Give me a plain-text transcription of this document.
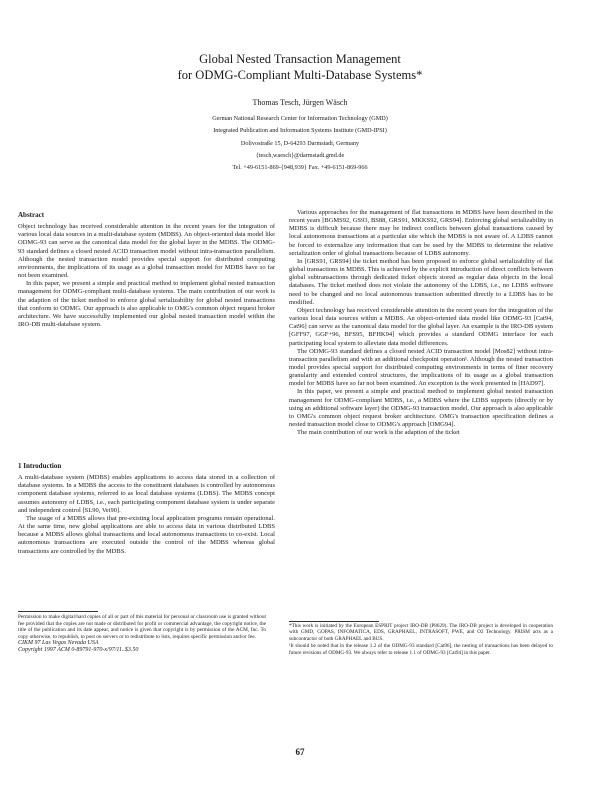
Global Nested Transaction Management
for ODMG-Compliant Multi-Database Systems*
Thomas Tesch, Jürgen Wäsch
German National Research Center for Information Technology (GMD)
Integrated Publication and Information Systems Institute (GMD-IPSI)
Dolivostraße 15, D-64293 Darmstadt, Germany
{tesch,waesch}@darmstadt.gmd.de
Tel. +49-6151-869-{948,939} Fax. +49-6151-869-966
Abstract

Object technology has received considerable attention in the recent years for the integration of various local data sources in a multi-database system (MDBS). An object-oriented data model like ODMG-93 can serve as the canonical data model for the global layer in the MDBS. The ODMG-93 standard defines a closed nested ACID transaction model without intra-transaction parallelism. Although the nested transaction model provides special support for distributed computing environments, the implications of its usage as a global transaction model for MDBS have so far not been examined.

In this paper, we present a simple and practical method to implement global nested transaction management for ODMG-compliant multi-database systems. The main contribution of our work is the adaption of the ticket method to enforce global serializability for global nested transactions that conform to ODMG. Our approach is also applicable to OMG's common object request broker architecture. We have successfully implemented our global nested transaction model within the IRO-DB multi-database system.

1 Introduction

A multi-database system (MDBS) enables applications to access data stored in a collection of database systems. In a MDBS the access to the constituent databases is controlled by autonomous component database systems, referred to as local database systems (LDBS). The MDBS concept assumes autonomy of LDBS, i.e., each participating component database system is under separate and independent control [SL90, Vei90].

The usage of a MDBS allows that pre-existing local application programs remain operational. At the same time, new global applications are able to access data in various distributed LDBS because a MDBS allows global transactions and local autonomous transactions to co-exist. Local autonomous transactions are executed outside the control of the MDBS whereas global transactions are controlled by the MDBS.

Permission to make digital/hard copies of all or part of this material for personal or classroom use is granted without fee provided that the copies are not made or distributed for profit or commercial advantage, the copyright notice, the title of the publication and its date appear, and notice is given that copyright is by permission of the ACM, Inc. To copy otherwise, to republish, to post on servers or to redistribute to lists, requires specific permission and/or fee.
CIKM 97 Las Vegas Nevada USA
Copyright 1997 ACM 0-89791-970-x/97/11..$3.50

Various approaches for the management of flat transactions in MDBS have been described in the recent years [BGMS92, GS93, BS88, GRS91, MKKS92, GRS94]. Enforcing global serializability in MDBS is difficult because there may be indirect conflicts between global transactions caused by local autonomous transactions at a particular site which the MDBS is not aware of. A LDBS cannot be forced to externalize any information that can be used by the MDBS to determine the relative serialization order of global transactions because of LDBS autonomy.

In [GRS91, GRS94] the ticket method has been proposed to enforce global serializability of flat global transactions in MDBS. This is achieved by the explicit introduction of direct conflicts between global subtransactions through dedicated ticket objects stored as regular data objects in the local databases. The ticket method does not violate the autonomy of the LDBS, i.e., no LDBS software need to be changed and no local autonomous transaction submitted directly to a LDBS has to be modified.

Object technology has received considerable attention in the recent years for the integration of the various local data sources within a MDBS. An object-oriented data model like ODMG-93 [Cat94, Cat96] can serve as the canonical data model for the global layer. An example is the IRO-DB system [GFF97, GGF+96, BFS95, BFHK94] which provides a standard ODMG interface for each participating local system to alleviate data model differences.

The ODMG-93 standard defines a closed nested ACID transaction model [Mos82] without intra-transaction parallelism and with an additional checkpoint operation¹. Although the nested transaction model provides special support for distributed computing environments in terms of finer recovery granularity and extended control structures, the implications of its usage as a global transaction model for MDBS have so far not been examined. An exception is the work presented in [HAD97].

In this paper, we present a simple and practical method to implement global nested transaction management for ODMG-compliant MDBS, i.e., a MDBS where the LDBS supports (directly or by using an additional software layer) the ODMG-93 transaction model. Our approach is also applicable to OMG's common object request broker architecture. OMG's transaction specification defines a nested transaction model close to ODMG's approach [OMG94].

The main contribution of our work is the adaption of the ticket

*This work is initiated by the European ESPRIT project IRO-DB (P8629). The IRO-DB project is developed in cooperation with GMD, GOPAS, INFOMATICA, EDS, GRAPHAEL, INTRASOFT, PWE, and O2 Technology. PRISM acts as a subcontractor of both GRAPHAEL and BUS.

¹It should be noted that in the release 1.2 of the ODMG-93 standard [Cat96], the nesting of transactions has been delayed to future revisions of ODMG-93. We always refer to release 1.1 of ODMG-93 [Cat94] in this paper.

67
